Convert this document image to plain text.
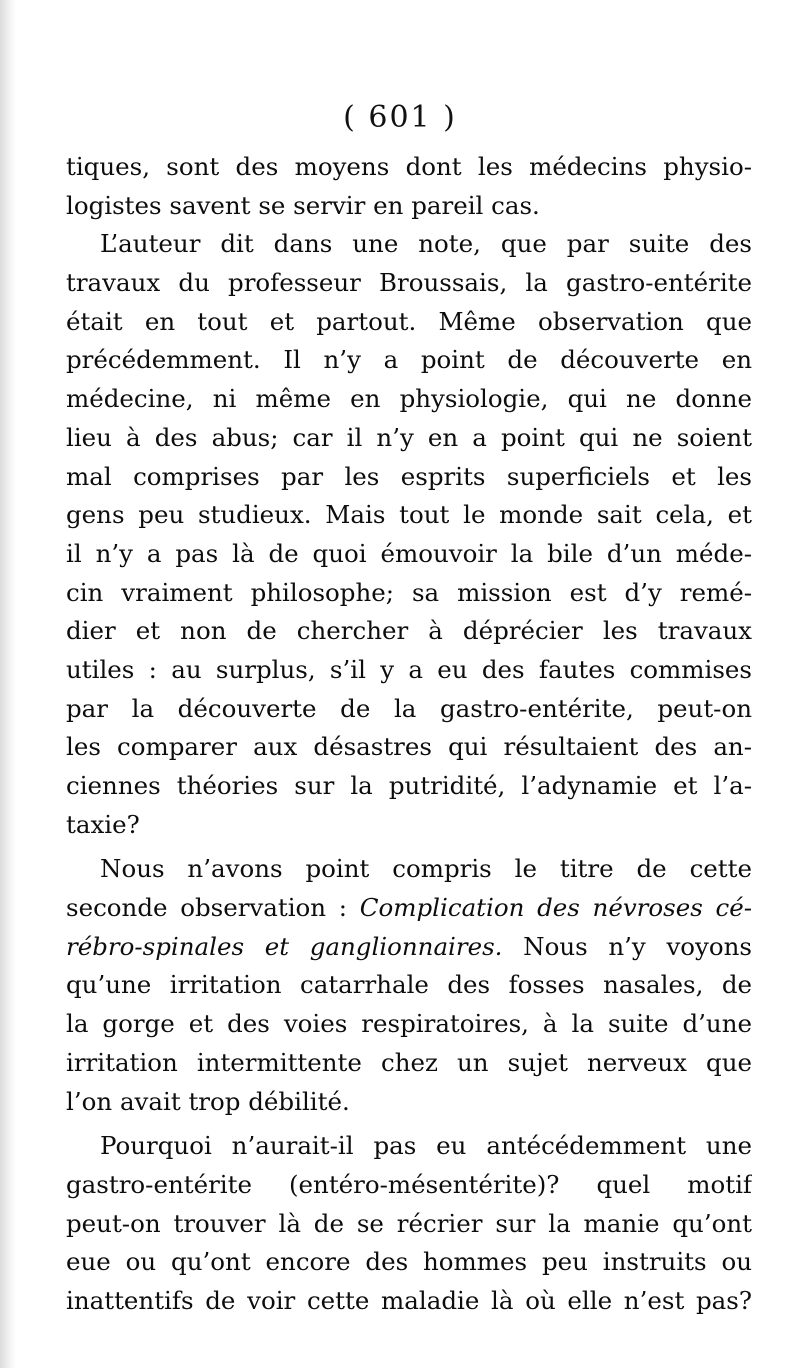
( 601 )
tiques, sont des moyens dont les médecins physio-
logistes savent se servir en pareil cas.
L’auteur dit dans une note, que par suite des
travaux du professeur Broussais, la gastro-entérite
était en tout et partout. Même observation que
précédemment. Il n’y a point de découverte en
médecine, ni même en physiologie, qui ne donne
lieu à des abus; car il n’y en a point qui ne soient
mal comprises par les esprits superficiels et les
gens peu studieux. Mais tout le monde sait cela, et
il n’y a pas là de quoi émouvoir la bile d’un méde-
cin vraiment philosophe; sa mission est d’y remé-
dier et non de chercher à déprécier les travaux
utiles : au surplus, s’il y a eu des fautes commises
par la découverte de la gastro-entérite, peut-on
les comparer aux désastres qui résultaient des an-
ciennes théories sur la putridité, l’adynamie et l’a-
taxie?
Nous n’avons point compris le titre de cette
seconde observation : Complication des névroses cé-
rébro-spinales et ganglionnaires. Nous n’y voyons
qu’une irritation catarrhale des fosses nasales, de
la gorge et des voies respiratoires, à la suite d’une
irritation intermittente chez un sujet nerveux que
l’on avait trop débilité.
Pourquoi n’aurait-il pas eu antécédemment une
gastro-entérite (entéro-mésentérite)? quel motif
peut-on trouver là de se récrier sur la manie qu’ont
eue ou qu’ont encore des hommes peu instruits ou
inattentifs de voir cette maladie là où elle n’est pas?
